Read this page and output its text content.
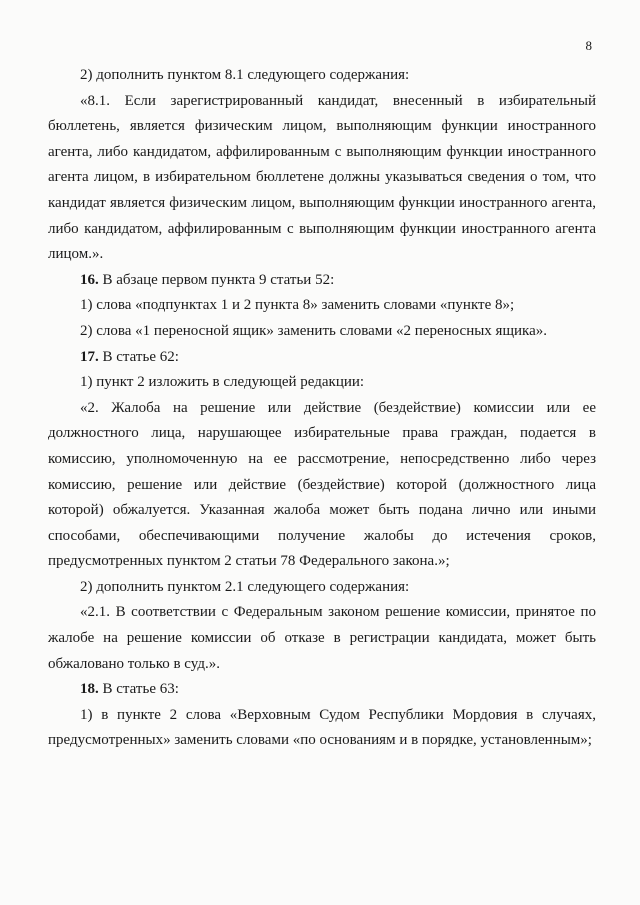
8

2) дополнить пунктом 8.1 следующего содержания:

«8.1. Если зарегистрированный кандидат, внесенный в избирательный бюллетень, является физическим лицом, выполняющим функции иностранного агента, либо кандидатом, аффилированным с выполняющим функции иностранного агента лицом, в избирательном бюллетене должны указываться сведения о том, что кандидат является физическим лицом, выполняющим функции иностранного агента, либо кандидатом, аффилированным с выполняющим функции иностранного агента лицом.».

16. В абзаце первом пункта 9 статьи 52:

1) слова «подпунктах 1 и 2 пункта 8» заменить словами «пункте 8»;

2) слова «1 переносной ящик» заменить словами «2 переносных ящика».

17. В статье 62:

1) пункт 2 изложить в следующей редакции:

«2. Жалоба на решение или действие (бездействие) комиссии или ее должностного лица, нарушающее избирательные права граждан, подается в комиссию, уполномоченную на ее рассмотрение, непосредственно либо через комиссию, решение или действие (бездействие) которой (должностного лица которой) обжалуется. Указанная жалоба может быть подана лично или иными способами, обеспечивающими получение жалобы до истечения сроков, предусмотренных пунктом 2 статьи 78 Федерального закона.»;

2) дополнить пунктом 2.1 следующего содержания:

«2.1. В соответствии с Федеральным законом решение комиссии, принятое по жалобе на решение комиссии об отказе в регистрации кандидата, может быть обжаловано только в суд.».

18. В статье 63:

1) в пункте 2 слова «Верховным Судом Республики Мордовия в случаях, предусмотренных» заменить словами «по основаниям и в порядке, установленным»;
